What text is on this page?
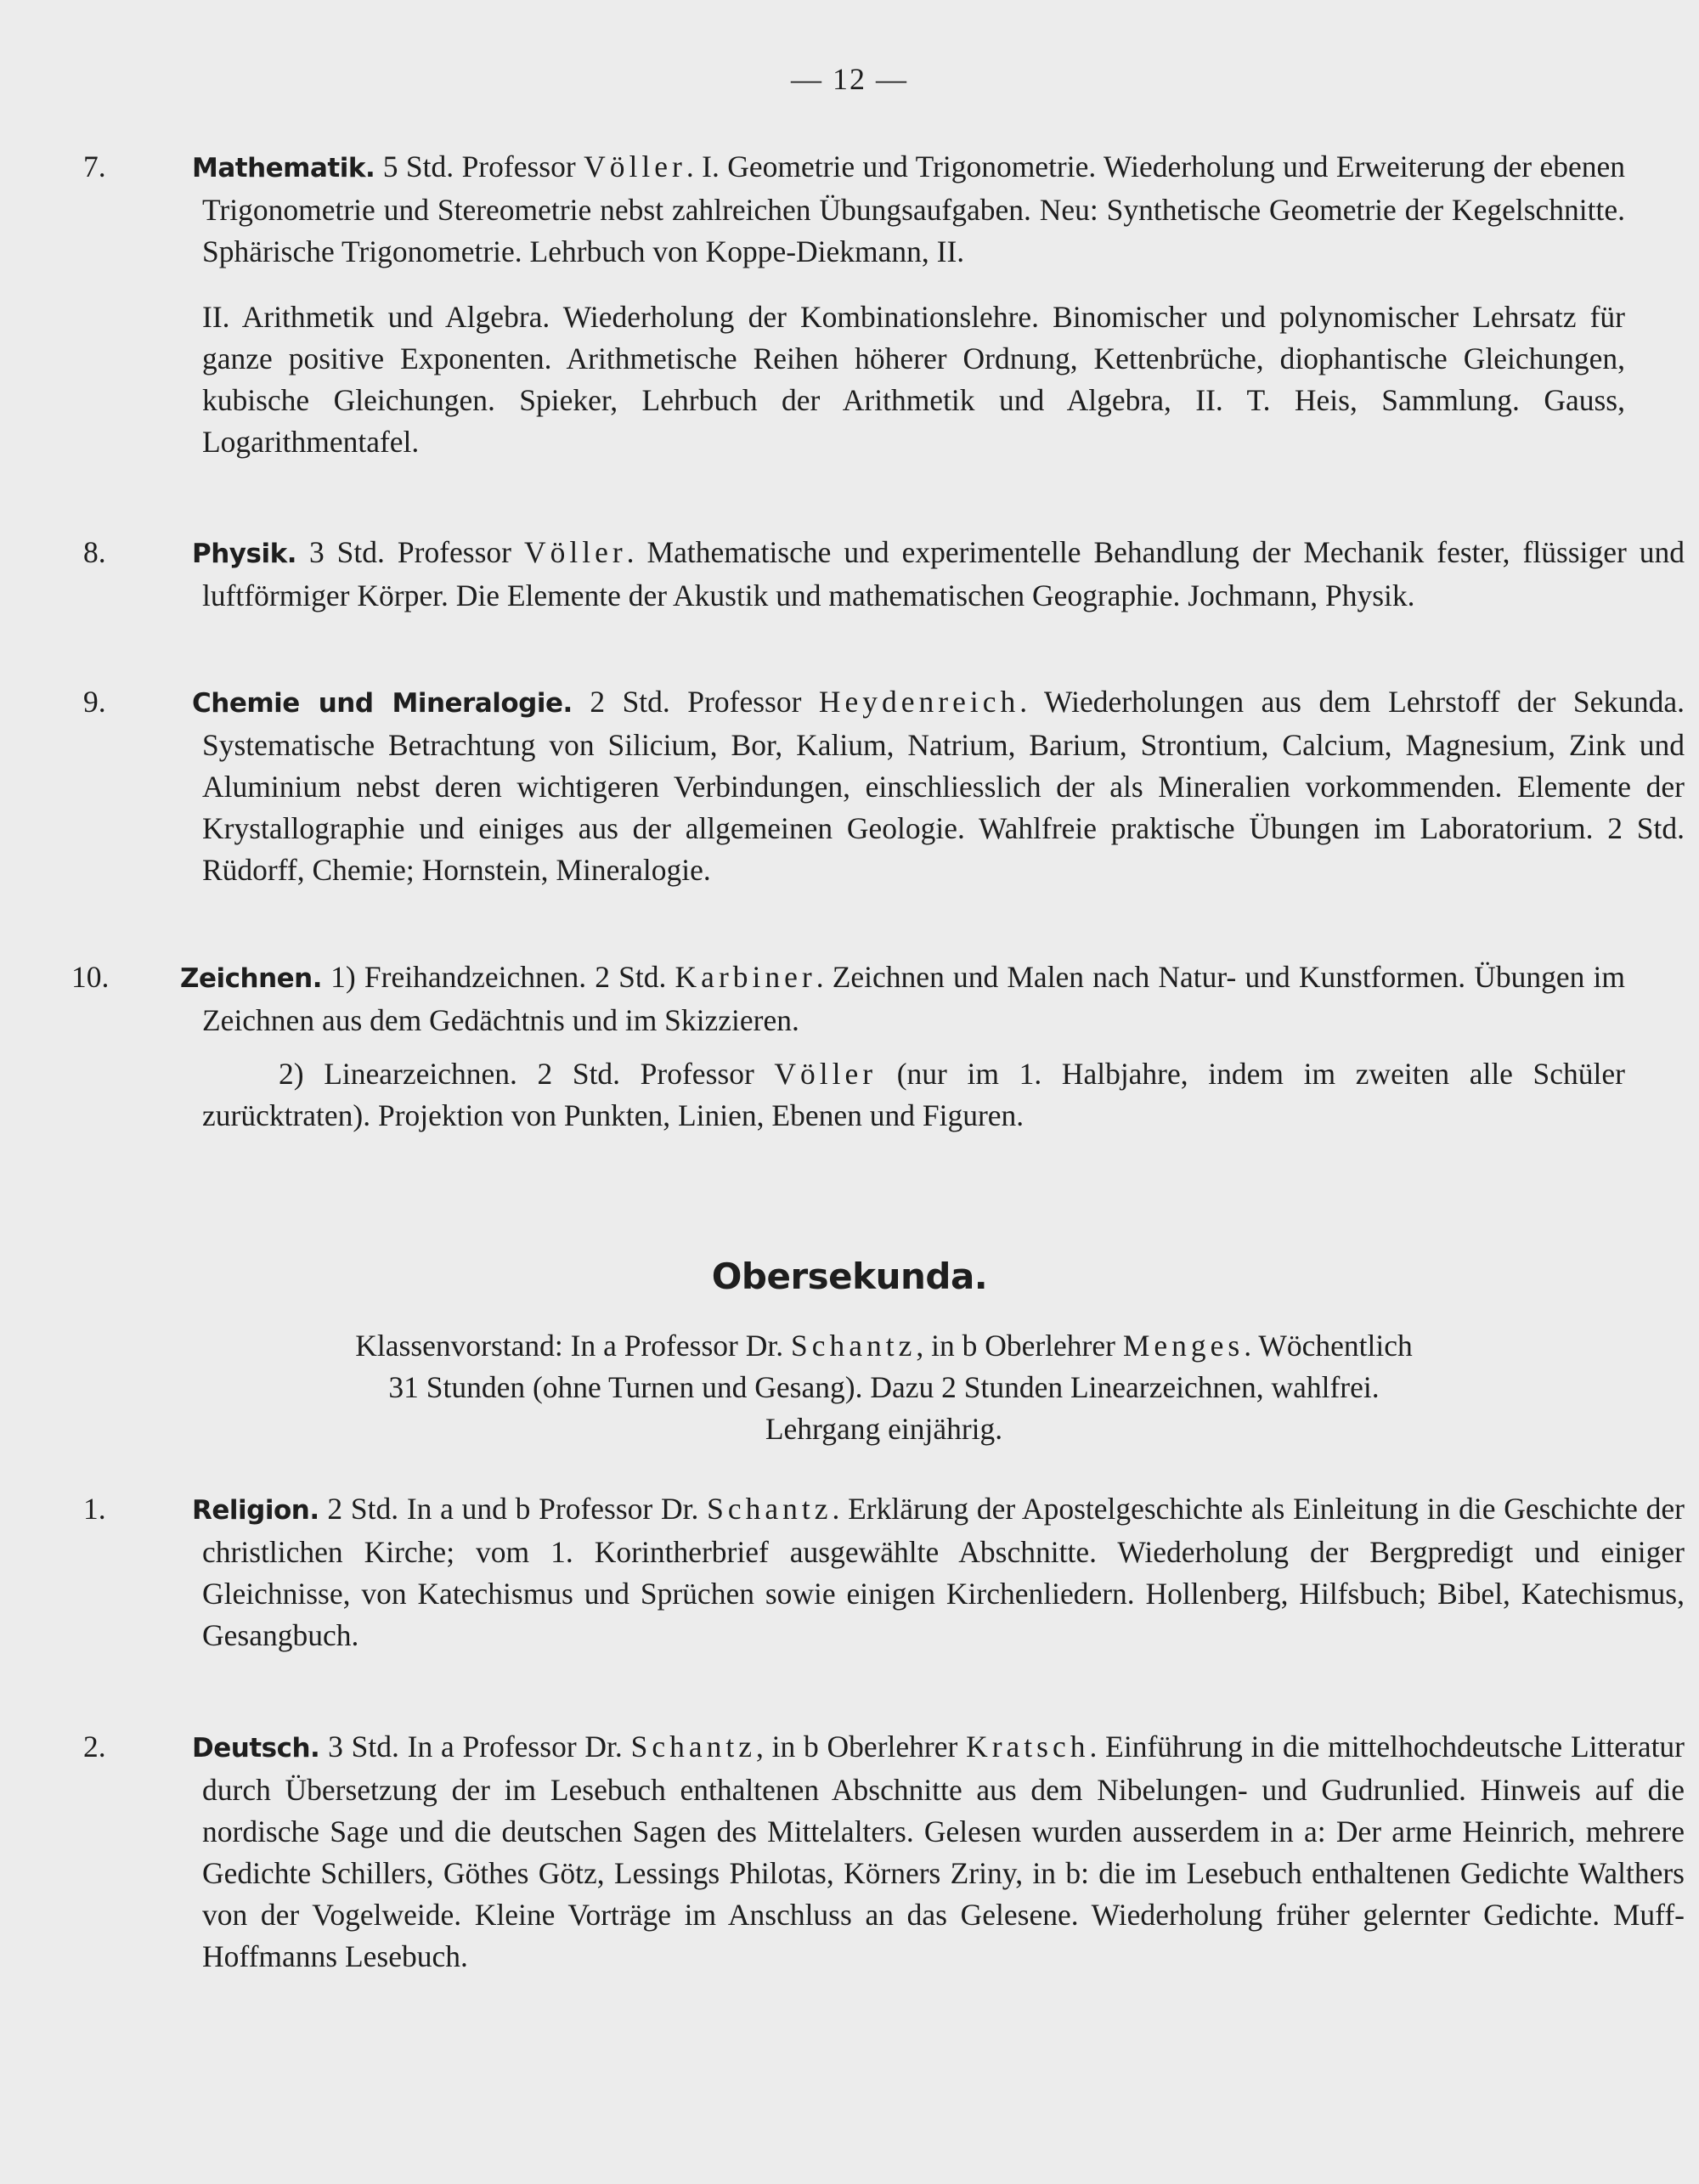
— 12 —
7.	Mathematik. 5 Std. Professor Völler. I. Geometrie und Trigonometrie. Wiederholung und Erweiterung der ebenen Trigonometrie und Stereometrie nebst zahlreichen Übungsaufgaben. Neu: Synthetische Geometrie der Kegelschnitte. Sphärische Trigonometrie. Lehrbuch von Koppe-Diekmann, II.
II. Arithmetik und Algebra. Wiederholung der Kombinationslehre. Binomischer und polynomischer Lehrsatz für ganze positive Exponenten. Arithmetische Reihen höherer Ordnung, Kettenbrüche, diophantische Gleichungen, kubische Gleichungen. Spieker, Lehrbuch der Arithmetik und Algebra, II. T. Heis, Sammlung. Gauss, Logarithmentafel.
8.	Physik. 3 Std. Professor Völler. Mathematische und experimentelle Behandlung der Mechanik fester, flüssiger und luftförmiger Körper. Die Elemente der Akustik und mathematischen Geographie. Jochmann, Physik.
9.	Chemie und Mineralogie. 2 Std. Professor Heydenreich. Wiederholungen aus dem Lehrstoff der Sekunda. Systematische Betrachtung von Silicium, Bor, Kalium, Natrium, Barium, Strontium, Calcium, Magnesium, Zink und Aluminium nebst deren wichtigeren Verbindungen, einschliesslich der als Mineralien vorkommenden. Elemente der Krystallographie und einiges aus der allgemeinen Geologie. Wahlfreie praktische Übungen im Laboratorium. 2 Std. Rüdorff, Chemie; Hornstein, Mineralogie.
10.	Zeichnen. 1) Freihandzeichnen. 2 Std. Karbiner. Zeichnen und Malen nach Natur- und Kunstformen. Übungen im Zeichnen aus dem Gedächtnis und im Skizzieren.
2) Linearzeichnen. 2 Std. Professor Völler (nur im 1. Halbjahre, indem im zweiten alle Schüler zurücktraten). Projektion von Punkten, Linien, Ebenen und Figuren.
Obersekunda.
Klassenvorstand: In a Professor Dr. Schantz, in b Oberlehrer Menges. Wöchentlich
31 Stunden (ohne Turnen und Gesang). Dazu 2 Stunden Linearzeichnen, wahlfrei.
Lehrgang einjährig.
1.	Religion. 2 Std. In a und b Professor Dr. Schantz. Erklärung der Apostelgeschichte als Einleitung in die Geschichte der christlichen Kirche; vom 1. Korintherbrief ausgewählte Abschnitte. Wiederholung der Bergpredigt und einiger Gleichnisse, von Katechismus und Sprüchen sowie einigen Kirchenliedern. Hollenberg, Hilfsbuch; Bibel, Katechismus, Gesangbuch.
2.	Deutsch. 3 Std. In a Professor Dr. Schantz, in b Oberlehrer Kratsch. Einführung in die mittelhochdeutsche Litteratur durch Übersetzung der im Lesebuch enthaltenen Abschnitte aus dem Nibelungen- und Gudrunlied. Hinweis auf die nordische Sage und die deutschen Sagen des Mittelalters. Gelesen wurden ausserdem in a: Der arme Heinrich, mehrere Gedichte Schillers, Göthes Götz, Lessings Philotas, Körners Zriny, in b: die im Lesebuch enthaltenen Gedichte Walthers von der Vogelweide. Kleine Vorträge im Anschluss an das Gelesene. Wiederholung früher gelernter Gedichte. Muff-Hoffmanns Lesebuch.
